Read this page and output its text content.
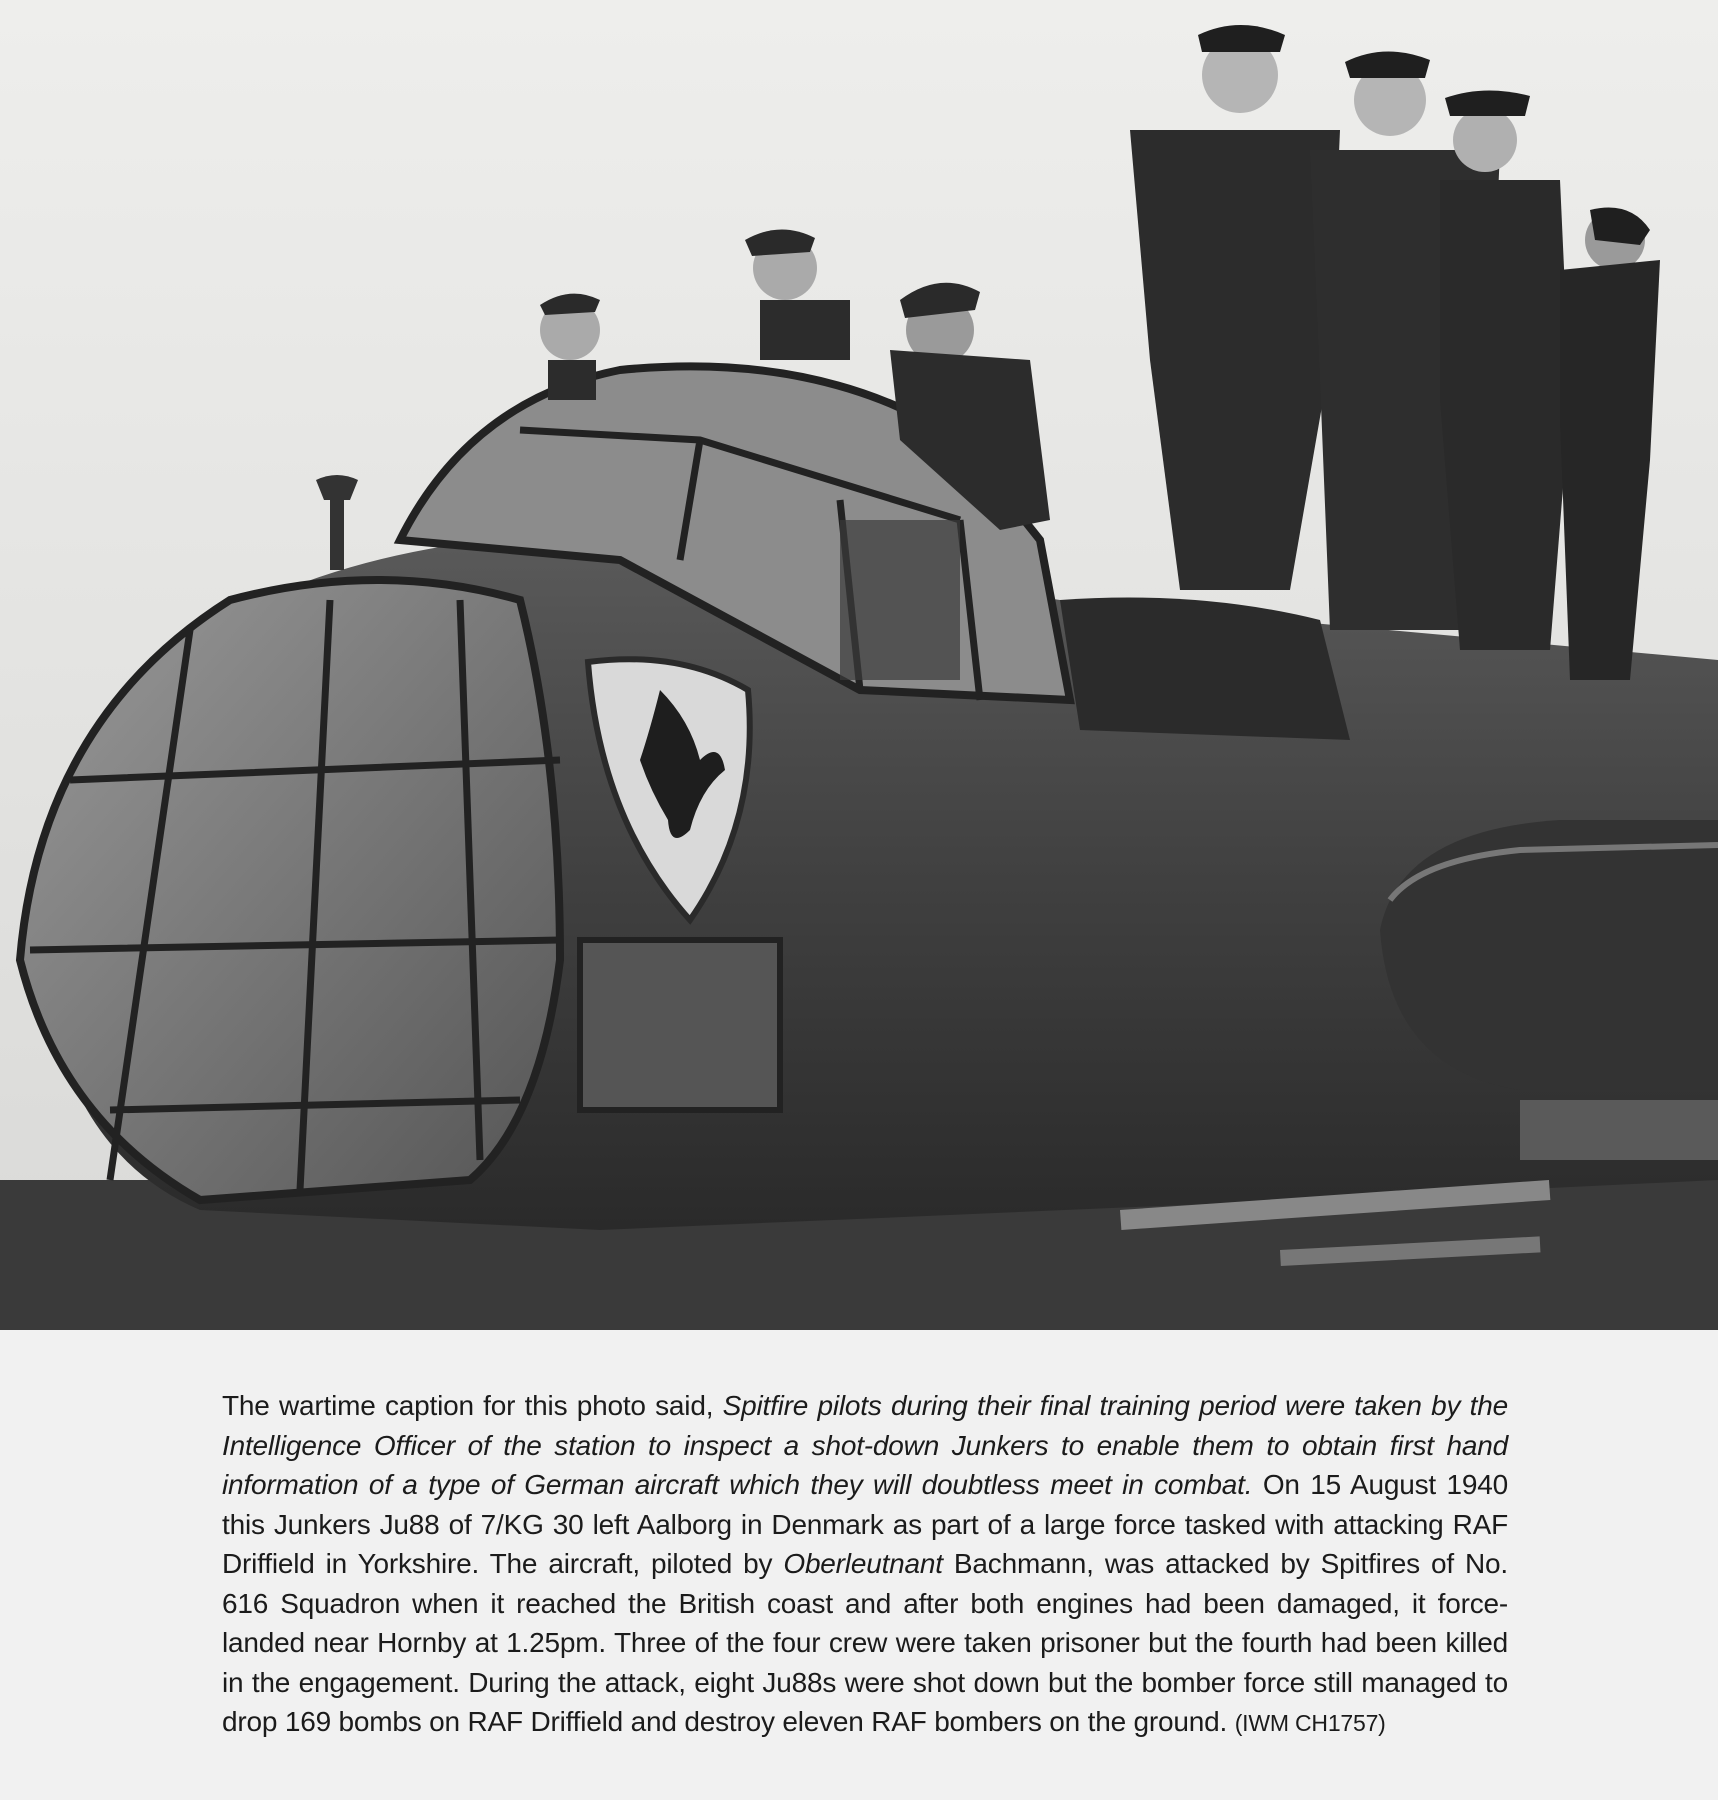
The wartime caption for this photo said, Spitfire pilots during their final training period were taken by the Intelligence Officer of the station to inspect a shot-down Junkers to enable them to obtain first hand information of a type of German aircraft which they will doubtless meet in combat. On 15 August 1940 this Junkers Ju88 of 7/KG 30 left Aalborg in Denmark as part of a large force tasked with attacking RAF Driffield in Yorkshire. The aircraft, piloted by Oberleutnant Bachmann, was attacked by Spitfires of No. 616 Squadron when it reached the British coast and after both engines had been damaged, it force-landed near Hornby at 1.25pm. Three of the four crew were taken prisoner but the fourth had been killed in the engagement. During the attack, eight Ju88s were shot down but the bomber force still managed to drop 169 bombs on RAF Driffield and destroy eleven RAF bombers on the ground. (IWM CH1757)
